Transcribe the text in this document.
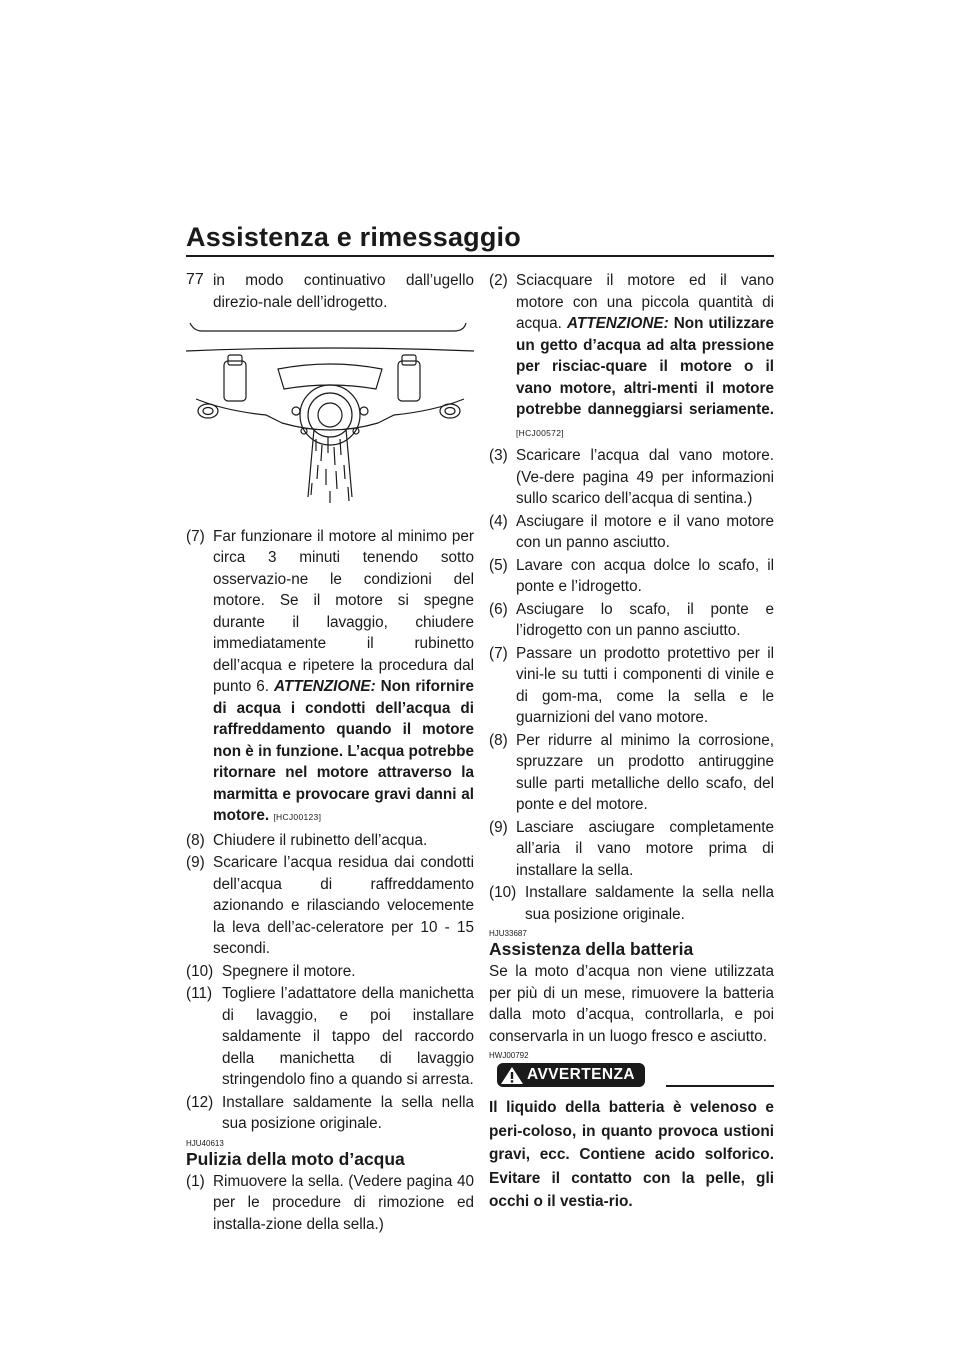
Assistenza e rimessaggio
77 in modo continuativo dall’ugello direzio-nale dell’idrogetto.

(7) Far funzionare il motore al minimo per circa 3 minuti tenendo sotto osservazio-ne le condizioni del motore. Se il motore si spegne durante il lavaggio, chiudere immediatamente il rubinetto dell’acqua e ripetere la procedura dal punto 6. ATTENZIONE: Non rifornire di acqua i condotti dell’acqua di raffreddamento quando il motore non è in funzione. L’acqua potrebbe ritornare nel motore attraverso la marmitta e provocare gravi danni al motore. [HCJ00123]
(8) Chiudere il rubinetto dell’acqua.
(9) Scaricare l’acqua residua dai condotti dell’acqua di raffreddamento azionando e rilasciando velocemente la leva dell’ac-celeratore per 10 - 15 secondi.
(10) Spegnere il motore.
(11) Togliere l’adattatore della manichetta di lavaggio, e poi installare saldamente il tappo del raccordo della manichetta di lavaggio stringendolo fino a quando si arresta.
(12) Installare saldamente la sella nella sua posizione originale.
HJU40613
Pulizia della moto d’acqua
(1) Rimuovere la sella. (Vedere pagina 40 per le procedure di rimozione ed installa-zione della sella.)
(2) Sciacquare il motore ed il vano motore con una piccola quantità di acqua. ATTENZIONE: Non utilizzare un getto d’acqua ad alta pressione per risciac-quare il motore o il vano motore, altri-menti il motore potrebbe danneggiarsi seriamente. [HCJ00572]
(3) Scaricare l’acqua dal vano motore. (Ve-dere pagina 49 per informazioni sullo scarico dell’acqua di sentina.)
(4) Asciugare il motore e il vano motore con un panno asciutto.
(5) Lavare con acqua dolce lo scafo, il ponte e l’idrogetto.
(6) Asciugare lo scafo, il ponte e l’idrogetto con un panno asciutto.
(7) Passare un prodotto protettivo per il vini-le su tutti i componenti di vinile e di gom-ma, come la sella e le guarnizioni del vano motore.
(8) Per ridurre al minimo la corrosione, spruzzare un prodotto antiruggine sulle parti metalliche dello scafo, del ponte e del motore.
(9) Lasciare asciugare completamente all’aria il vano motore prima di installare la sella.
(10) Installare saldamente la sella nella sua posizione originale.
HJU33687
Assistenza della batteria

Se la moto d’acqua non viene utilizzata per più di un mese, rimuovere la batteria dalla moto d’acqua, controllarla, e poi conservarla in un luogo fresco e asciutto.

HWJ00792
AVVERTENZA

Il liquido della batteria è velenoso e peri-coloso, in quanto provoca ustioni gravi, ecc. Contiene acido solforico. Evitare il contatto con la pelle, gli occhi o il vestia-rio.
